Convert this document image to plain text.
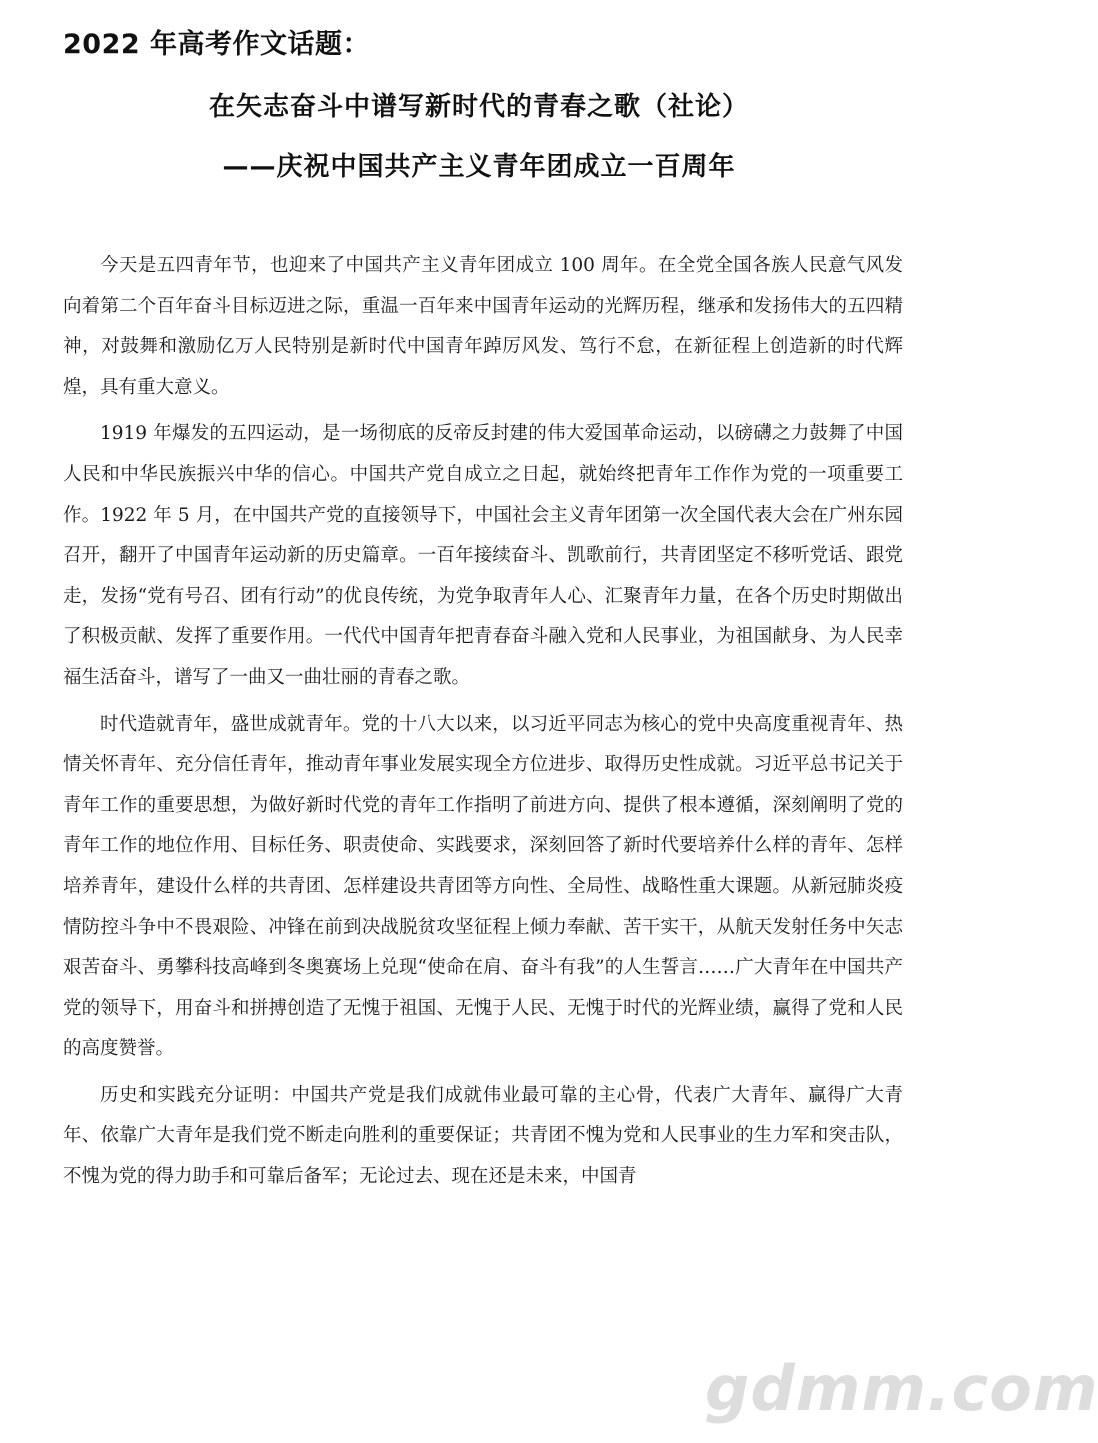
2022 年高考作文话题：
在矢志奋斗中谱写新时代的青春之歌（社论）
——庆祝中国共产主义青年团成立一百周年

今天是五四青年节，也迎来了中国共产主义青年团成立 100 周年。在全党全国各族人民意气风发向着第二个百年奋斗目标迈进之际，重温一百年来中国青年运动的光辉历程，继承和发扬伟大的五四精神，对鼓舞和激励亿万人民特别是新时代中国青年踔厉风发、笃行不怠，在新征程上创造新的时代辉煌，具有重大意义。

1919 年爆发的五四运动，是一场彻底的反帝反封建的伟大爱国革命运动，以磅礴之力鼓舞了中国人民和中华民族振兴中华的信心。中国共产党自成立之日起，就始终把青年工作作为党的一项重要工作。1922 年 5 月，在中国共产党的直接领导下，中国社会主义青年团第一次全国代表大会在广州东园召开，翻开了中国青年运动新的历史篇章。一百年接续奋斗、凯歌前行，共青团坚定不移听党话、跟党走，发扬“党有号召、团有行动”的优良传统，为党争取青年人心、汇聚青年力量，在各个历史时期做出了积极贡献、发挥了重要作用。一代代中国青年把青春奋斗融入党和人民事业，为祖国献身、为人民幸福生活奋斗，谱写了一曲又一曲壮丽的青春之歌。

时代造就青年，盛世成就青年。党的十八大以来，以习近平同志为核心的党中央高度重视青年、热情关怀青年、充分信任青年，推动青年事业发展实现全方位进步、取得历史性成就。习近平总书记关于青年工作的重要思想，为做好新时代党的青年工作指明了前进方向、提供了根本遵循，深刻阐明了党的青年工作的地位作用、目标任务、职责使命、实践要求，深刻回答了新时代要培养什么样的青年、怎样培养青年，建设什么样的共青团、怎样建设共青团等方向性、全局性、战略性重大课题。从新冠肺炎疫情防控斗争中不畏艰险、冲锋在前到决战脱贫攻坚征程上倾力奉献、苦干实干，从航天发射任务中矢志艰苦奋斗、勇攀科技高峰到冬奥赛场上兑现“使命在肩、奋斗有我”的人生誓言……广大青年在中国共产党的领导下，用奋斗和拼搏创造了无愧于祖国、无愧于人民、无愧于时代的光辉业绩，赢得了党和人民的高度赞誉。

历史和实践充分证明：中国共产党是我们成就伟业最可靠的主心骨，代表广大青年、赢得广大青年、依靠广大青年是我们党不断走向胜利的重要保证；共青团不愧为党和人民事业的生力军和突击队，不愧为党的得力助手和可靠后备军；无论过去、现在还是未来，中国青

gdmm.com
